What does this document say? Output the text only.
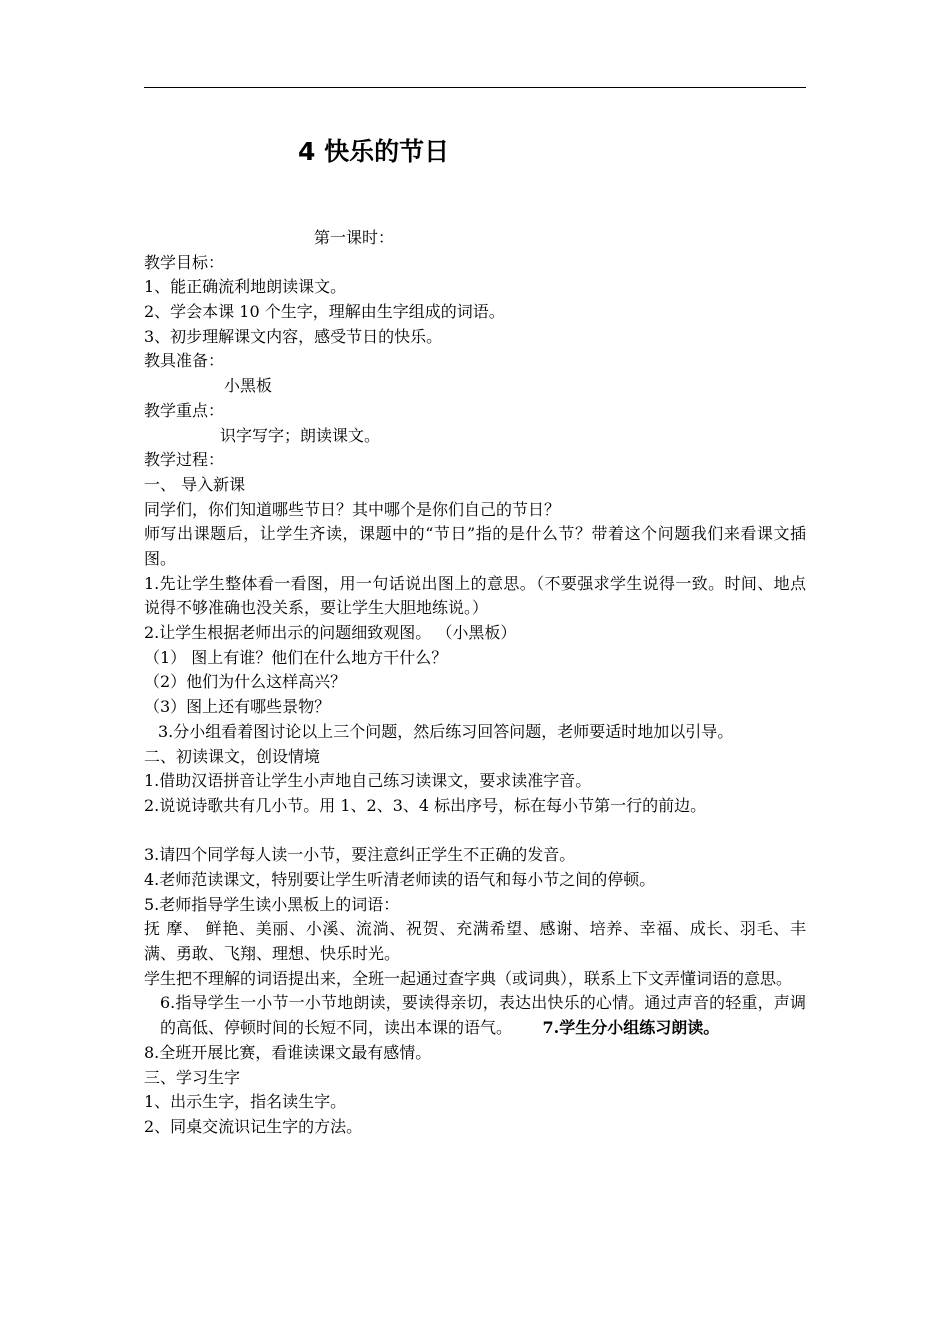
4 快乐的节日
第一课时：
教学目标：
1、能正确流利地朗读课文。
2、学会本课 10 个生字，理解由生字组成的词语。
3、初步理解课文内容，感受节日的快乐。
教具准备：
小黑板
教学重点：
识字写字；朗读课文。
教学过程：
一、 导入新课
同学们，你们知道哪些节日？其中哪个是你们自己的节日？
师写出课题后，让学生齐读，课题中的“节日”指的是什么节？带着这个问题我们来看课文插图。
1.先让学生整体看一看图，用一句话说出图上的意思。（不要强求学生说得一致。时间、地点说得不够准确也没关系，要让学生大胆地练说。）
2.让学生根据老师出示的问题细致观图。 （小黑板）
（1） 图上有谁？他们在什么地方干什么？
（2）他们为什么这样高兴？
（3）图上还有哪些景物？
3.分小组看着图讨论以上三个问题，然后练习回答问题，老师要适时地加以引导。
二、初读课文，创设情境
1.借助汉语拼音让学生小声地自己练习读课文，要求读准字音。
2.说说诗歌共有几小节。用 1、2、3、4 标出序号，标在每小节第一行的前边。
3.请四个同学每人读一小节，要注意纠正学生不正确的发音。
4.老师范读课文，特别要让学生听清老师读的语气和每小节之间的停顿。
5.老师指导学生读小黑板上的词语：
抚 摩、 鲜艳、美丽、小溪、流淌、祝贺、充满希望、感谢、培养、幸福、成长、羽毛、丰满、勇敢、飞翔、理想、快乐时光。
学生把不理解的词语提出来，全班一起通过查字典（或词典），联系上下文弄懂词语的意思。
6.指导学生一小节一小节地朗读，要读得亲切，表达出快乐的心情。通过声音的轻重，声调的高低、停顿时间的长短不同，读出本课的语气。 7.学生分小组练习朗读。
8.全班开展比赛，看谁读课文最有感情。
三、学习生字
1、出示生字，指名读生字。
2、同桌交流识记生字的方法。
